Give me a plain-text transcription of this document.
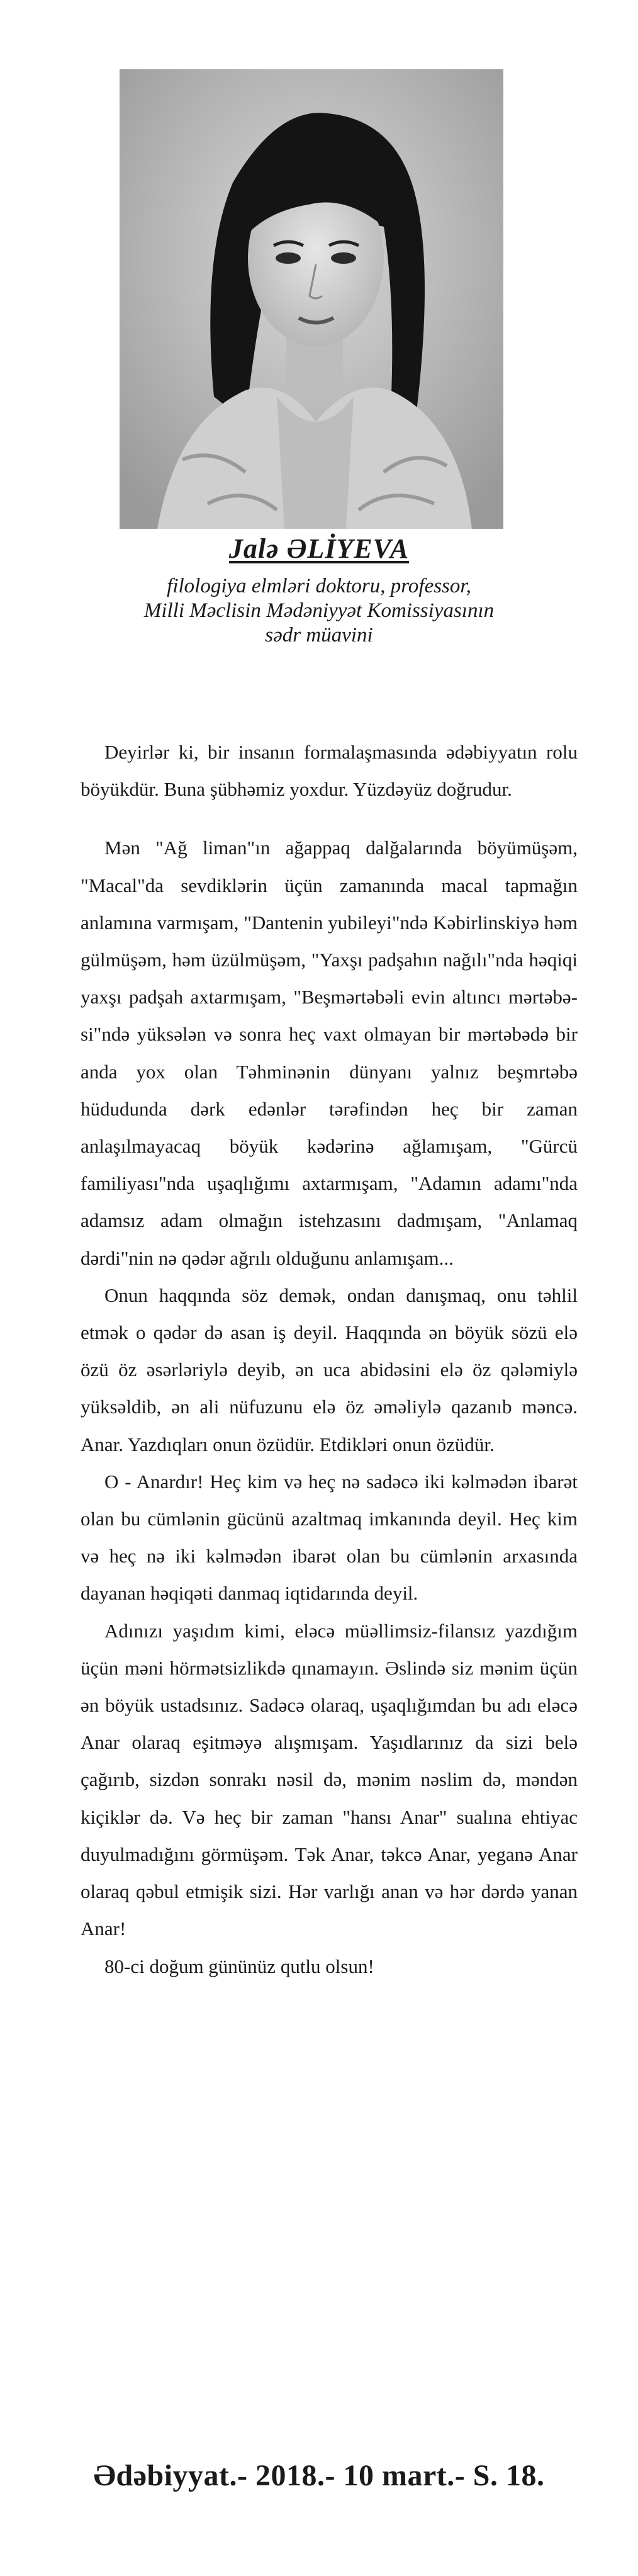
Jalə ƏLİYEVA
filologiya elmləri doktoru, professor,
Milli Məclisin Mədəniyyət Komissiyasının
sədr müavini

Deyirlər ki, bir insanın formalaşmasında ədəbiyyatın rolu böyükdür. Buna şübhəmiz yoxdur. Yüzdəyüz doğrudur.

Mən "Ağ liman"ın ağappaq dalğalarında böyümüşəm, "Macal"da sevdiklərin üçün zamanında macal tapmağın anlamına varmışam, "Dantenin yubileyi"ndə Kəbirlinskiyə həm gülmüşəm, həm üzülmüşəm, "Yaxşı padşahın nağılı"nda həqiqi yaxşı padşah axtarmışam, "Beşmərtəbəli evin altıncı mərtəbəsi"ndə yüksələn və sonra heç vaxt olmayan bir mərtəbədə bir anda yox olan Təhminənin dünyanı yalnız beşmrtəbə hüdudunda dərk edənlər tərəfindən heç bir zaman anlaşılmayacaq böyük kədərinə ağlamışam, "Gürcü familiyası"nda uşaqlığımı axtarmışam, "Adamın adamı"nda adamsız adam olmağın istehzasını dadmışam, "Anlamaq dərdi"nin nə qədər ağrılı olduğunu anlamışam...

Onun haqqında söz demək, ondan danışmaq, onu təhlil etmək o qədər də asan iş deyil. Haqqında ən böyük sözü elə özü öz əsərləriylə deyib, ən uca abidəsini elə öz qələmiylə yüksəldib, ən ali nüfuzunu elə öz əməliylə qazanıb məncə. Anar. Yazdıqları onun özüdür. Etdikləri onun özüdür.

O - Anardır! Heç kim və heç nə sadəcə iki kəlmədən ibarət olan bu cümlənin gücünü azaltmaq imkanında deyil. Heç kim və heç nə iki kəlmədən ibarət olan bu cümlənin arxasında dayanan həqiqəti danmaq iqtidarında deyil.

Adınızı yaşıdım kimi, eləcə müəllimsiz-filansız yazdığım üçün məni hörmətsizlikdə qınamayın. Əslində siz mənim üçün ən böyük ustadsınız. Sadəcə olaraq, uşaqlığımdan bu adı eləcə Anar olaraq eşitməyə alışmışam. Yaşıdlarınız da sizi belə çağırıb, sizdən sonrakı nəsil də, mənim nəslim də, məndən kiçiklər də. Və heç bir zaman "hansı Anar" sualına ehtiyac duyulmadığını görmüşəm. Tək Anar, təkcə Anar, yeganə Anar olaraq qəbul etmişik sizi. Hər varlığı anan və hər dərdə yanan Anar!

80-ci doğum gününüz qutlu olsun!

Ədəbiyyat.- 2018.- 10 mart.- S. 18.
